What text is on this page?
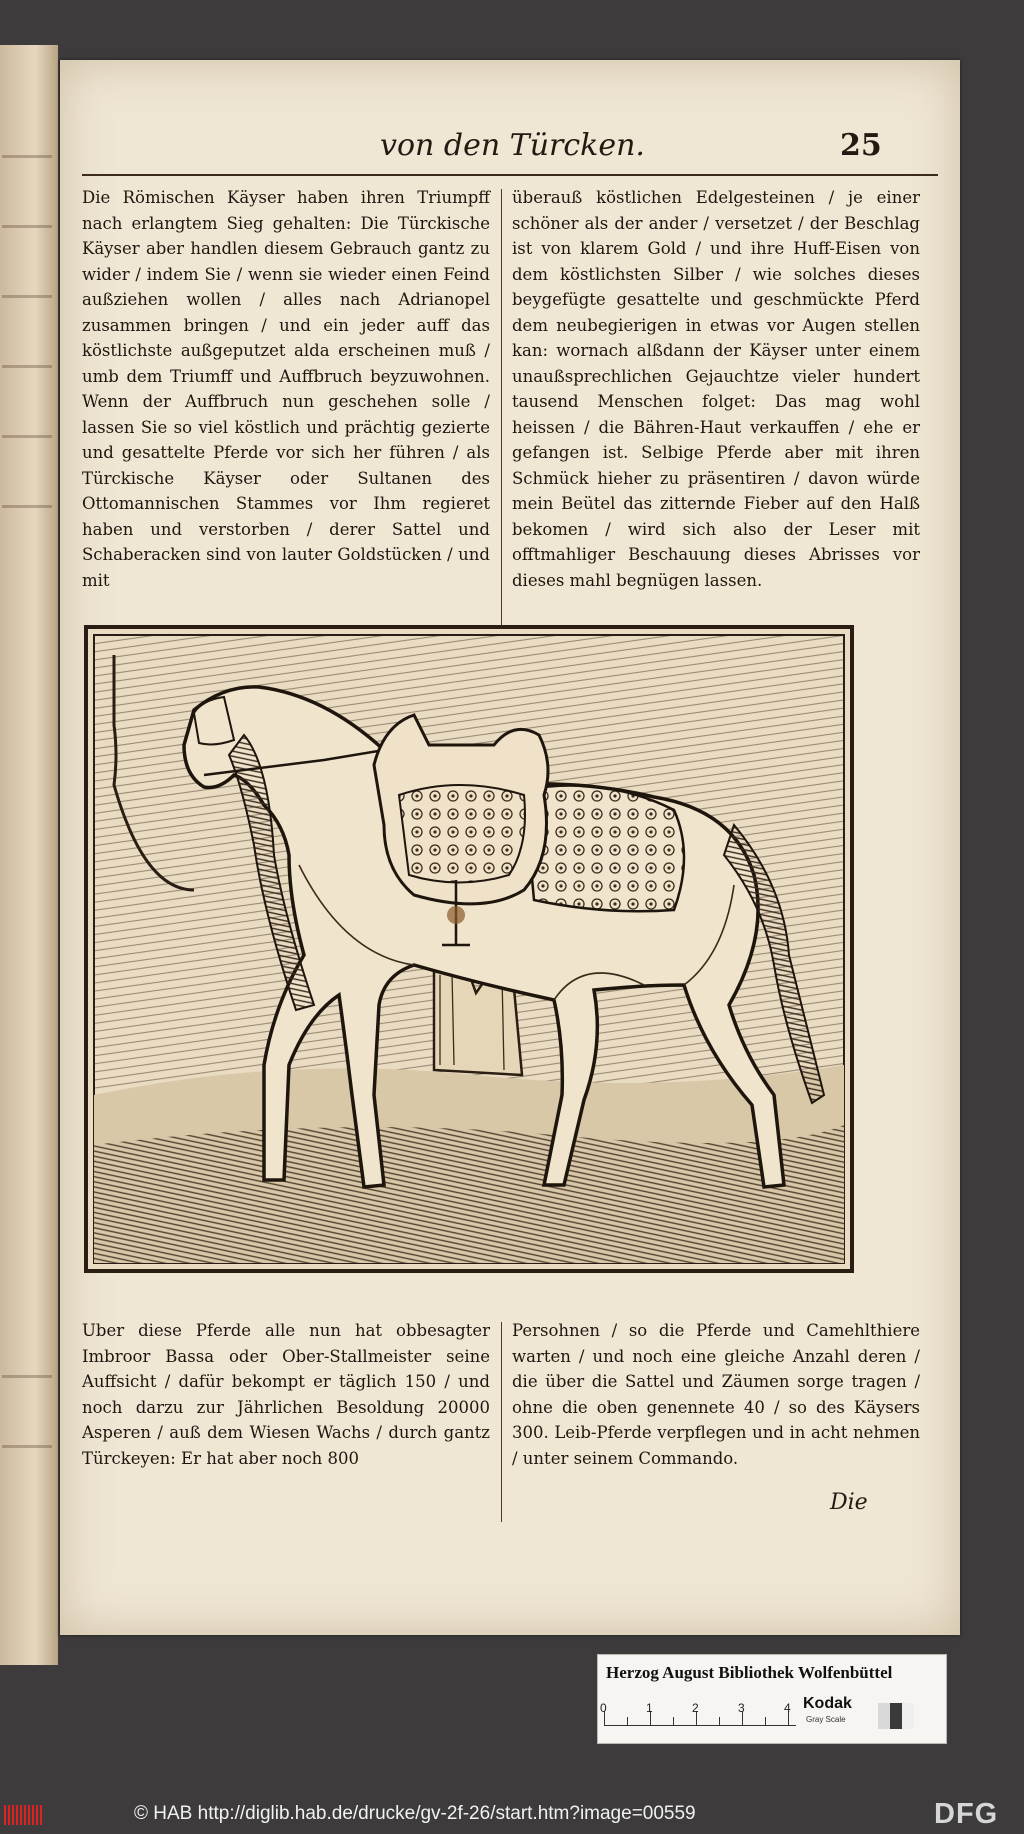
von den Türcken.	25
Die Römischen Käyser haben ihren Triumpff nach erlangtem Sieg gehalten: Die Türckische Käyser aber handlen diesem Gebrauch gantz zu wider / indem Sie / wenn sie wieder einen Feind außziehen wollen / alles nach Adrianopel zusammen bringen / und ein jeder auff das köstlichste außgeputzet alda erscheinen muß / umb dem Triumff und Auffbruch beyzuwohnen. Wenn der Auffbruch nun geschehen solle / lassen Sie so viel köstlich und prächtig gezierte und gesattelte Pferde vor sich her führen / als Türckische Käyser oder Sultanen des Ottomannischen Stammes vor Ihm regieret haben und verstorben / derer Sattel und Schaberacken sind von lauter Goldstücken / und mit
überauß köstlichen Edelgesteinen / je einer schöner als der ander / versetzet / der Beschlag ist von klarem Gold / und ihre Huff-Eisen von dem köstlichsten Silber / wie solches dieses beygefügte gesattelte und geschmückte Pferd dem neubegierigen in etwas vor Augen stellen kan: wornach alßdann der Käyser unter einem unaußsprechlichen Gejauchtze vieler hundert tausend Menschen folget: Das mag wohl heissen / die Bähren-Haut verkauffen / ehe er gefangen ist. Selbige Pferde aber mit ihren Schmück hieher zu präsentiren / davon würde mein Beütel das zitternde Fieber auf den Halß bekomen / wird sich also der Leser mit offtmahliger Beschauung dieses Abrisses vor dieses mahl begnügen lassen.
Uber diese Pferde alle nun hat obbesagter Imbroor Bassa oder Ober-Stallmeister seine Auffsicht / dafür bekompt er täglich 150 / und noch darzu zur Jährlichen Besoldung 20000 Asperen / auß dem Wiesen Wachs / durch gantz Türckeyen: Er hat aber noch 800
Persohnen / so die Pferde und Camehlthiere warten / und noch eine gleiche Anzahl deren / die über die Sattel und Zäumen sorge tragen / ohne die oben genennete 40 / so des Käysers 300. Leib-Pferde verpflegen und in acht nehmen / unter seinem Commando.
Die
Herzog August Bibliothek Wolfenbüttel
0	1	2	3	4 Kodak
Gray Scale
© HAB http://diglib.hab.de/drucke/gv-2f-26/start.htm?image=00559	DFG
